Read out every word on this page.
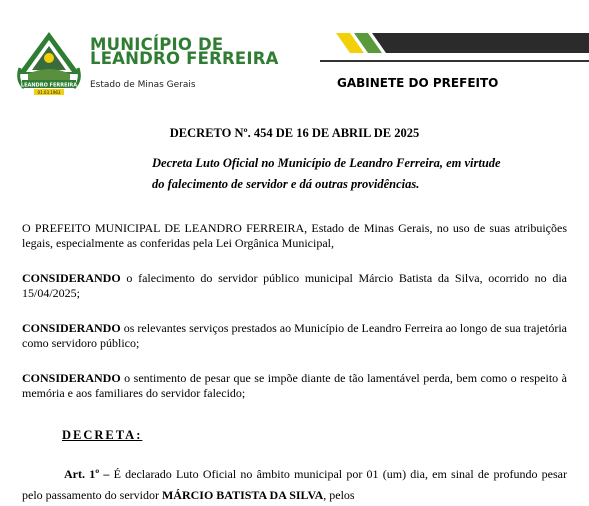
LEANDRO FERREIRA
01.03.1963
MUNICÍPIO DE
LEANDRO FERREIRA
Estado de Minas Gerais	GABINETE DO PREFEITO
DECRETO Nº. 454 DE 16 DE ABRIL DE 2025
Decreta Luto Oficial no Município de Leandro Ferreira, em virtude
do falecimento de servidor e dá outras providências.
O PREFEITO MUNICIPAL DE LEANDRO FERREIRA, Estado de Minas Gerais, no uso de suas atribuições legais, especialmente as conferidas pela Lei Orgânica Municipal,
CONSIDERANDO o falecimento do servidor público municipal Márcio Batista da Silva, ocorrido no dia 15/04/2025;
CONSIDERANDO os relevantes serviços prestados ao Município de Leandro Ferreira ao longo de sua trajetória como servidoro público;
CONSIDERANDO o sentimento de pesar que se impõe diante de tão lamentável perda, bem como o respeito à memória e aos familiares do servidor falecido;
DECRETA:
Art. 1º – É declarado Luto Oficial no âmbito municipal por 01 (um) dia, em sinal de profundo pesar pelo passamento do servidor MÁRCIO BATISTA DA SILVA, pelos
